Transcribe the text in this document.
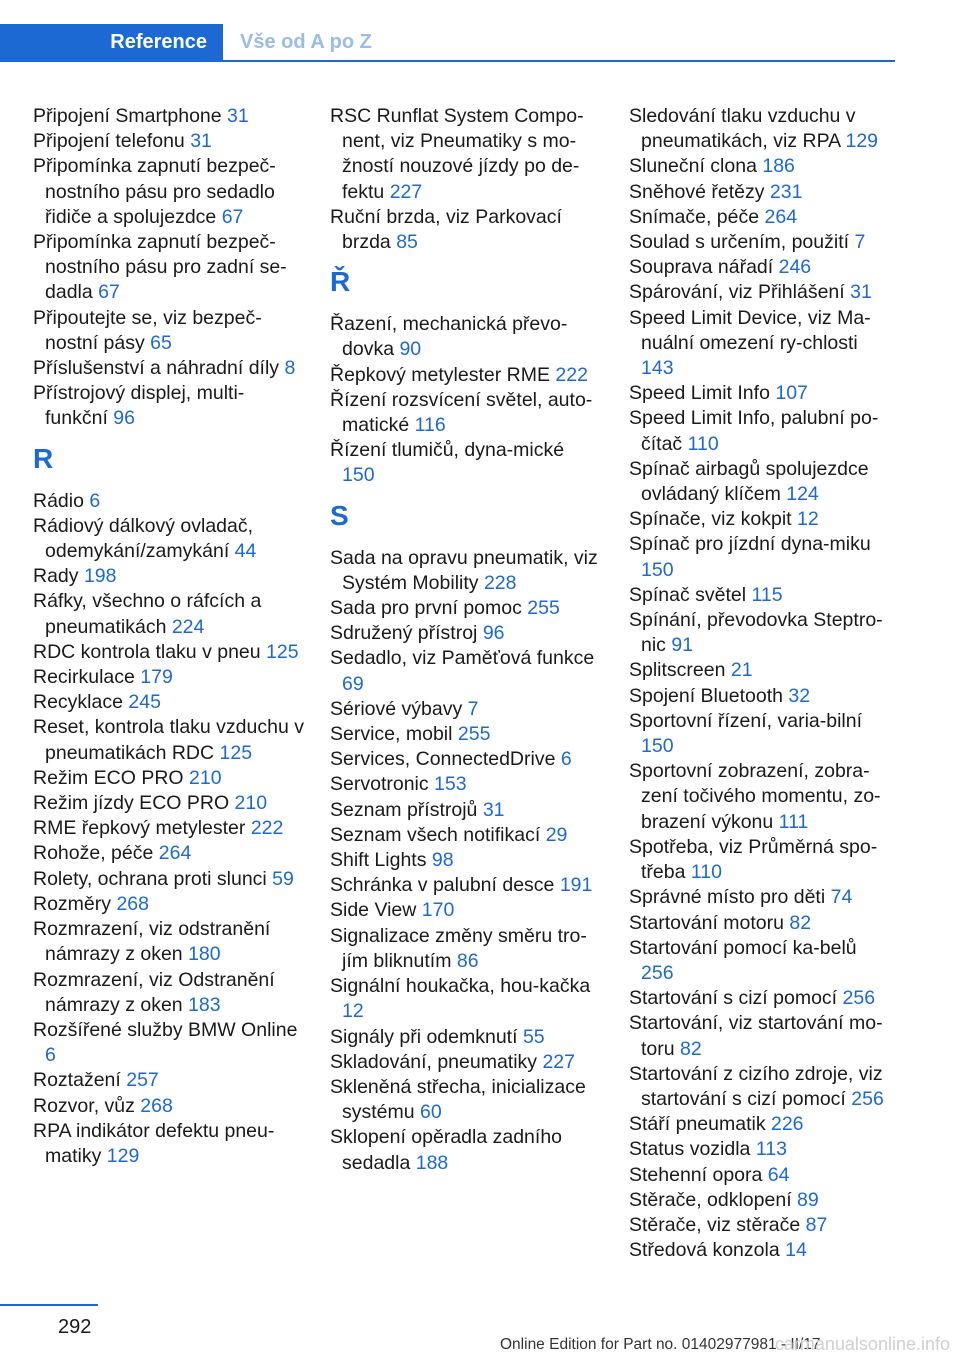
Reference	Vše od A po Z
Připojení Smartphone 31
Připojení telefonu 31
Připomínka zapnutí bezpeč-nostního pásu pro sedadlo řidiče a spolujezdce 67
Připomínka zapnutí bezpeč-nostního pásu pro zadní se-dadla 67
Připoutejte se, viz bezpeč-nostní pásy 65
Příslušenství a náhradní díly 8
Přístrojový displej, multi-funkční 96
R
Rádio 6
Rádiový dálkový ovladač, odemykání/zamykání 44
Rady 198
Ráfky, všechno o ráfcích a pneumatikách 224
RDC kontrola tlaku v pneu 125
Recirkulace 179
Recyklace 245
Reset, kontrola tlaku vzduchu v pneumatikách RDC 125
Režim ECO PRO 210
Režim jízdy ECO PRO 210
RME řepkový metylester 222
Rohože, péče 264
Rolety, ochrana proti slunci 59
Rozměry 268
Rozmrazení, viz odstranění námrazy z oken 180
Rozmrazení, viz Odstranění námrazy z oken 183
Rozšířené služby BMW Online 6
Roztažení 257
Rozvor, vůz 268
RPA indikátor defektu pneu-matiky 129
RSC Runflat System Compo-nent, viz Pneumatiky s mo-žností nouzové jízdy po de-fektu 227
Ruční brzda, viz Parkovací brzda 85
Ř
Řazení, mechanická převo-dovka 90
Řepkový metylester RME 222
Řízení rozsvícení světel, auto-matické 116
Řízení tlumičů, dyna-mické 150
S
Sada na opravu pneumatik, viz Systém Mobility 228
Sada pro první pomoc 255
Sdružený přístroj 96
Sedadlo, viz Paměťová funkce 69
Sériové výbavy 7
Service, mobil 255
Services, ConnectedDrive 6
Servotronic 153
Seznam přístrojů 31
Seznam všech notifikací 29
Shift Lights 98
Schránka v palubní desce 191
Side View 170
Signalizace změny směru tro-jím bliknutím 86
Signální houkačka, hou-kačka 12
Signály při odemknutí 55
Skladování, pneumatiky 227
Skleněná střecha, inicializace systému 60
Sklopení opěradla zadního sedadla 188
Sledování tlaku vzduchu v pneumatikách, viz RPA 129
Sluneční clona 186
Sněhové řetězy 231
Snímače, péče 264
Soulad s určením, použití 7
Souprava nářadí 246
Spárování, viz Přihlášení 31
Speed Limit Device, viz Ma-nuální omezení ry-chlosti 143
Speed Limit Info 107
Speed Limit Info, palubní po-čítač 110
Spínač airbagů spolujezdce ovládaný klíčem 124
Spínače, viz kokpit 12
Spínač pro jízdní dyna-miku 150
Spínač světel 115
Spínání, převodovka Steptro-nic 91
Splitscreen 21
Spojení Bluetooth 32
Sportovní řízení, varia-bilní 150
Sportovní zobrazení, zobra-zení točivého momentu, zo-brazení výkonu 111
Spotřeba, viz Průměrná spo-třeba 110
Správné místo pro děti 74
Startování motoru 82
Startování pomocí ka-belů 256
Startování s cizí pomocí 256
Startování, viz startování mo-toru 82
Startování z cizího zdroje, viz startování s cizí pomocí 256
Stáří pneumatik 226
Status vozidla 113
Stehenní opora 64
Stěrače, odklopení 89
Stěrače, viz stěrače 87
Středová konzola 14
292
Online Edition for Part no. 01402977981 - II/17
carmanualsonline.info
